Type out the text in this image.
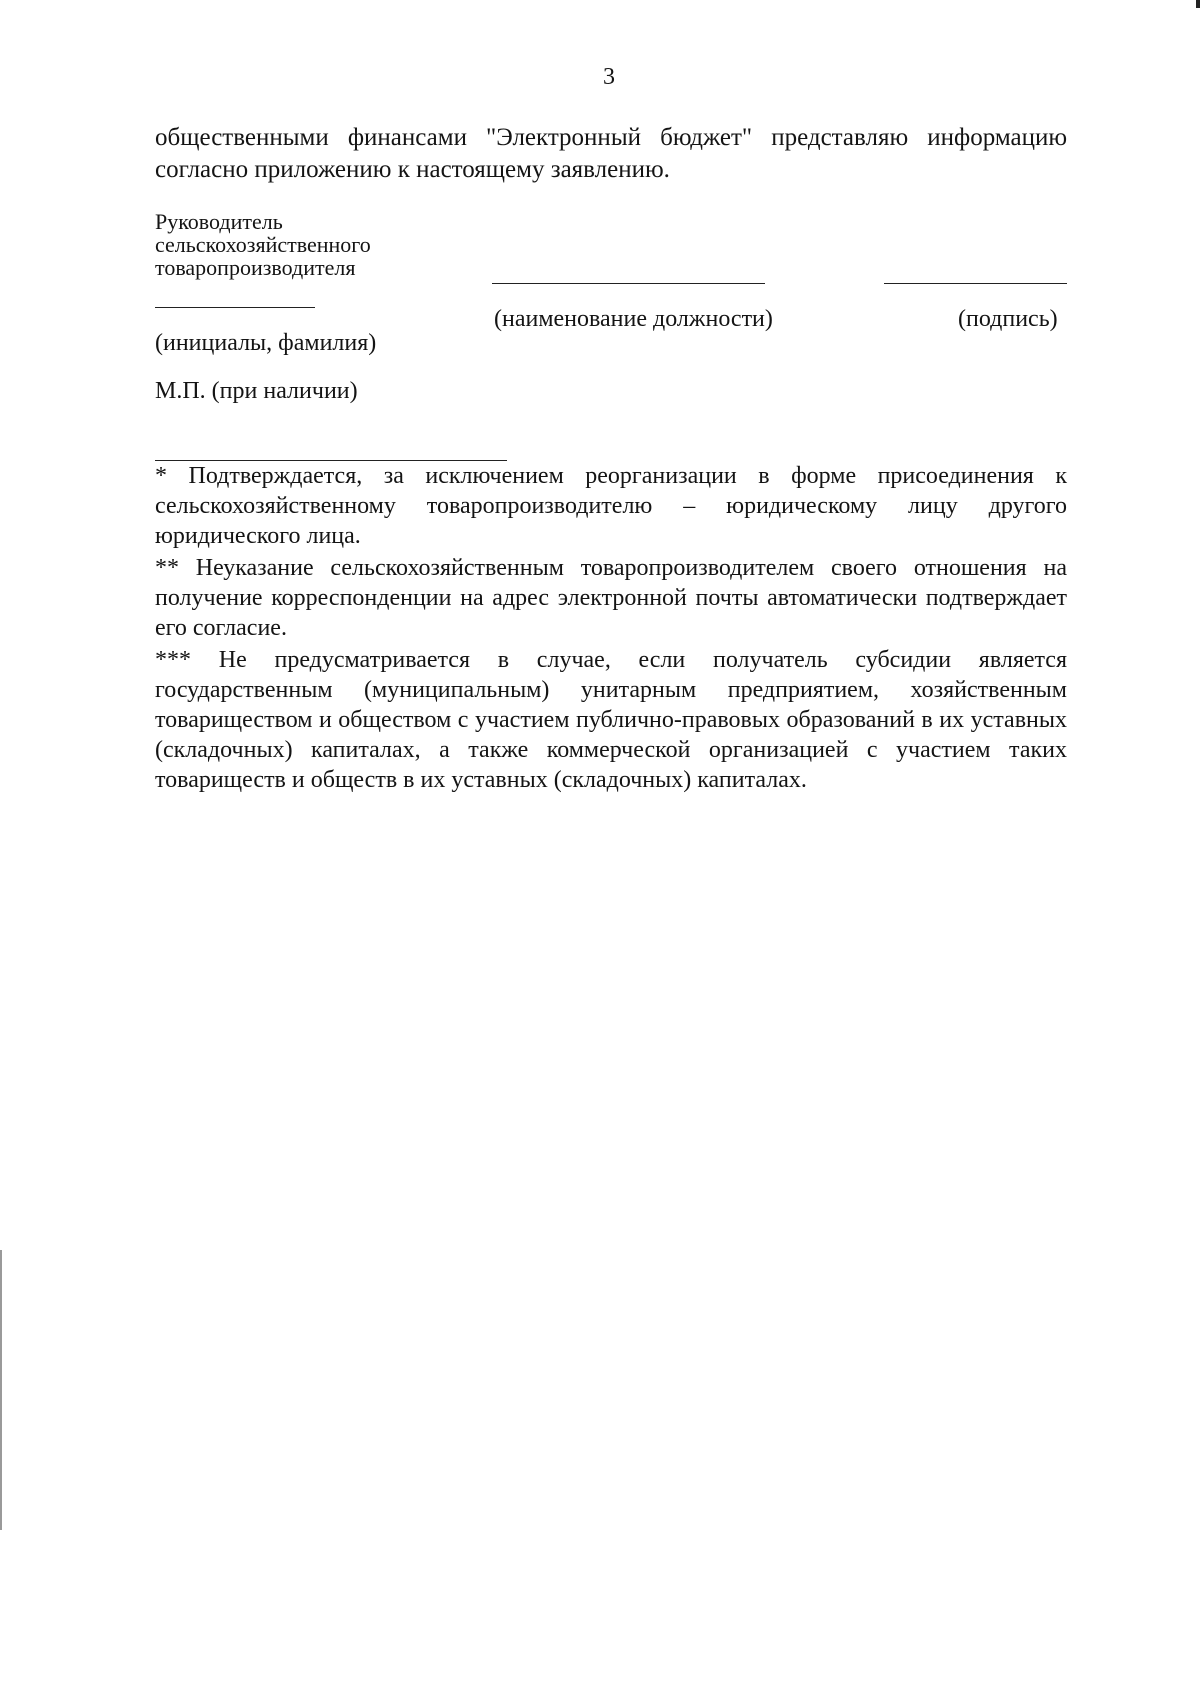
3
общественными финансами "Электронный бюджет" представляю информацию согласно приложению к настоящему заявлению.
Руководитель
сельскохозяйственного
товаропроизводителя
(наименование должности)	(подпись)
(инициалы, фамилия)
М.П. (при наличии)

* Подтверждается, за исключением реорганизации в форме присоединения к сельскохозяйственному товаропроизводителю – юридическому лицу другого юридического лица.

** Неуказание сельскохозяйственным товаропроизводителем своего отношения на получение корреспонденции на адрес электронной почты автоматически подтверждает его согласие.

*** Не предусматривается в случае, если получатель субсидии является государственным (муниципальным) унитарным предприятием, хозяйственным товариществом и обществом с участием публично-правовых образований в их уставных (складочных) капиталах, а также коммерческой организацией с участием таких товариществ и обществ в их уставных (складочных) капиталах.
